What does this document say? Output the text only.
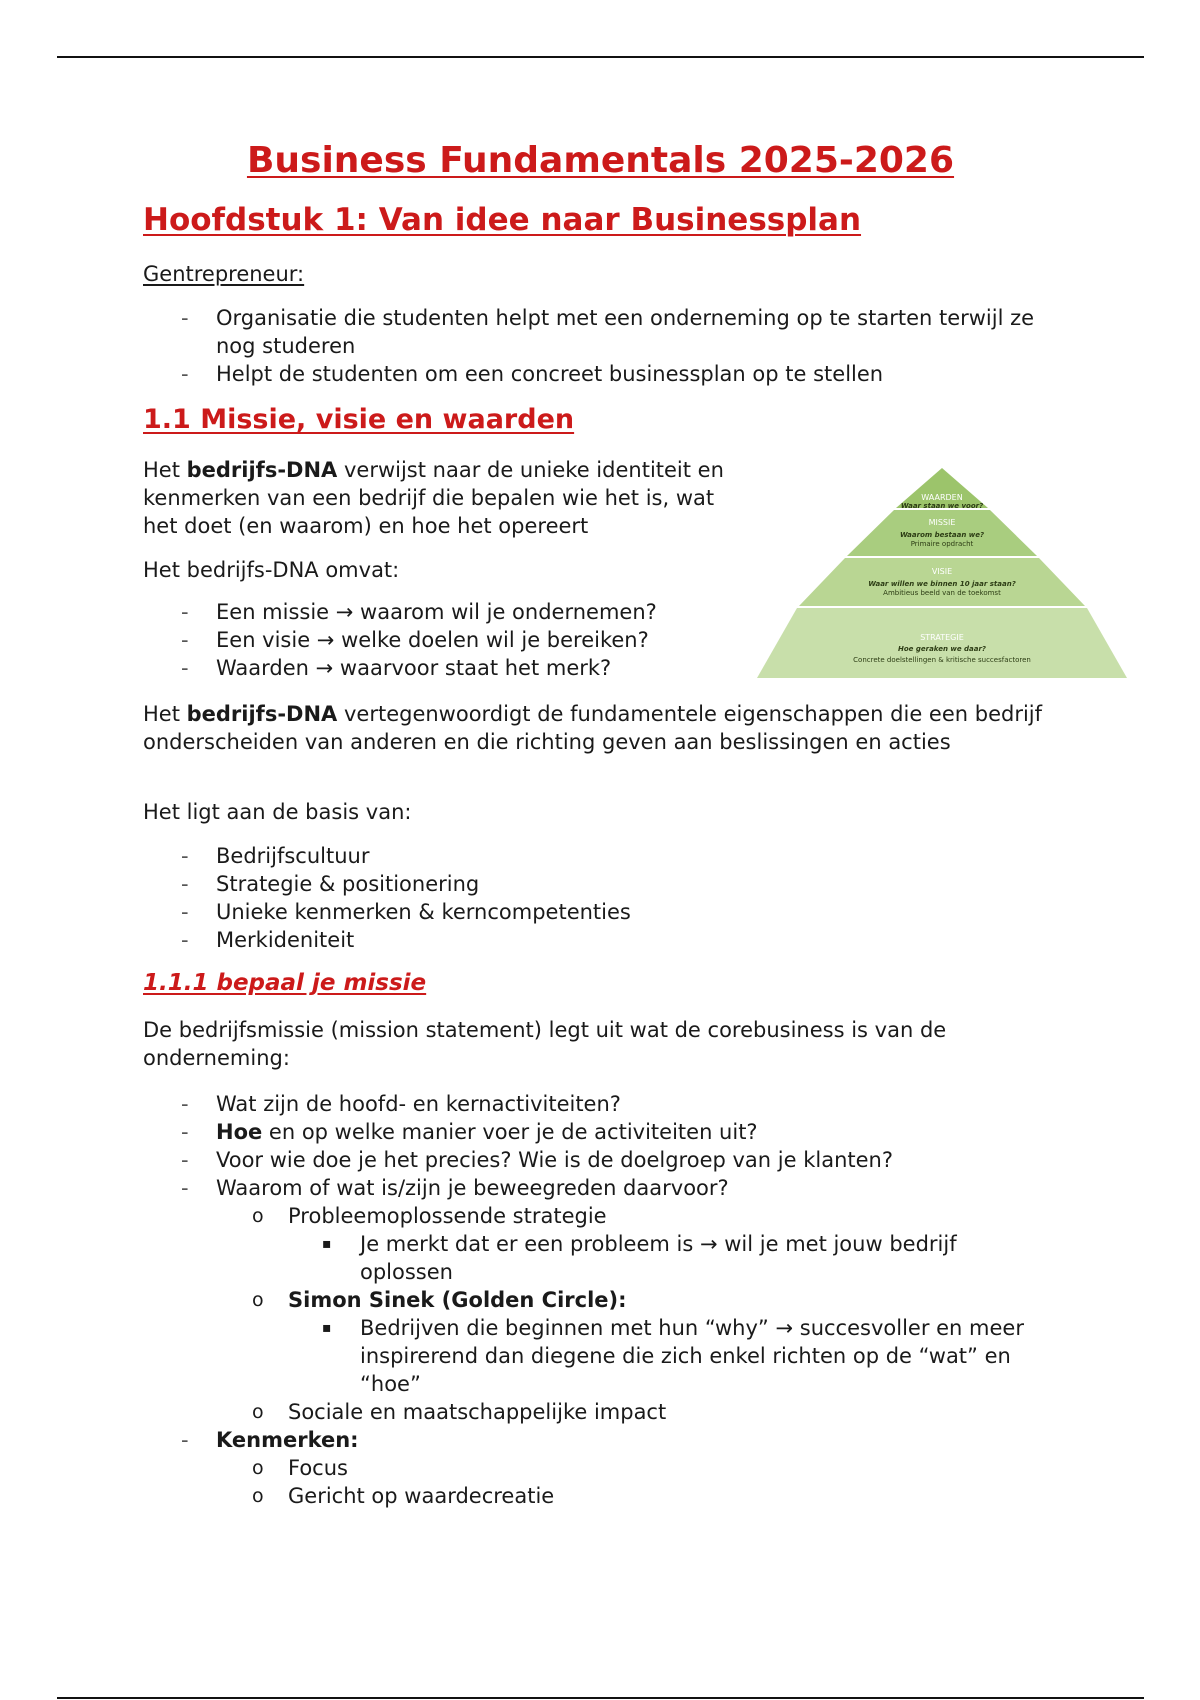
Business Fundamentals 2025-2026
Hoofdstuk 1: Van idee naar Businessplan

Gentrepreneur:

- Organisatie die studenten helpt met een onderneming op te starten terwijl ze nog studeren
- Helpt de studenten om een concreet businessplan op te stellen
1.1 Missie, visie en waarden

Het bedrijfs-DNA verwijst naar de unieke identiteit en kenmerken van een bedrijf die bepalen wie het is, wat het doet (en waarom) en hoe het opereert

Het bedrijfs-DNA omvat:

- Een missie → waarom wil je ondernemen?
- Een visie → welke doelen wil je bereiken?
- Waarden → waarvoor staat het merk?

Het bedrijfs-DNA vertegenwoordigt de fundamentele eigenschappen die een bedrijf onderscheiden van anderen en die richting geven aan beslissingen en acties

Het ligt aan de basis van:

- Bedrijfscultuur
- Strategie & positionering
- Unieke kenmerken & kerncompetenties
- Merkideniteit
1.1.1 bepaal je missie

De bedrijfsmissie (mission statement) legt uit wat de corebusiness is van de onderneming:

- Wat zijn de hoofd- en kernactiviteiten?
- Hoe en op welke manier voer je de activiteiten uit?
- Voor wie doe je het precies? Wie is de doelgroep van je klanten?
- Waarom of wat is/zijn je beweegreden daarvoor?
o Probleemoplossende strategie
▪ Je merkt dat er een probleem is → wil je met jouw bedrijf oplossen
o Simon Sinek (Golden Circle):
▪ Bedrijven die beginnen met hun “why” → succesvoller en meer inspirerend dan diegene die zich enkel richten op de “wat” en “hoe”
o Sociale en maatschappelijke impact
- Kenmerken:
o Focus
o Gericht op waardecreatie
WAARDEN
Waar staan we voor?
MISSIE
Waarom bestaan we?
Primaire opdracht
VISIE
Waar willen we binnen 10 jaar staan?
Ambitieus beeld van de toekomst
STRATEGIE
Hoe geraken we daar?
Concrete doelstellingen & kritische succesfactoren
